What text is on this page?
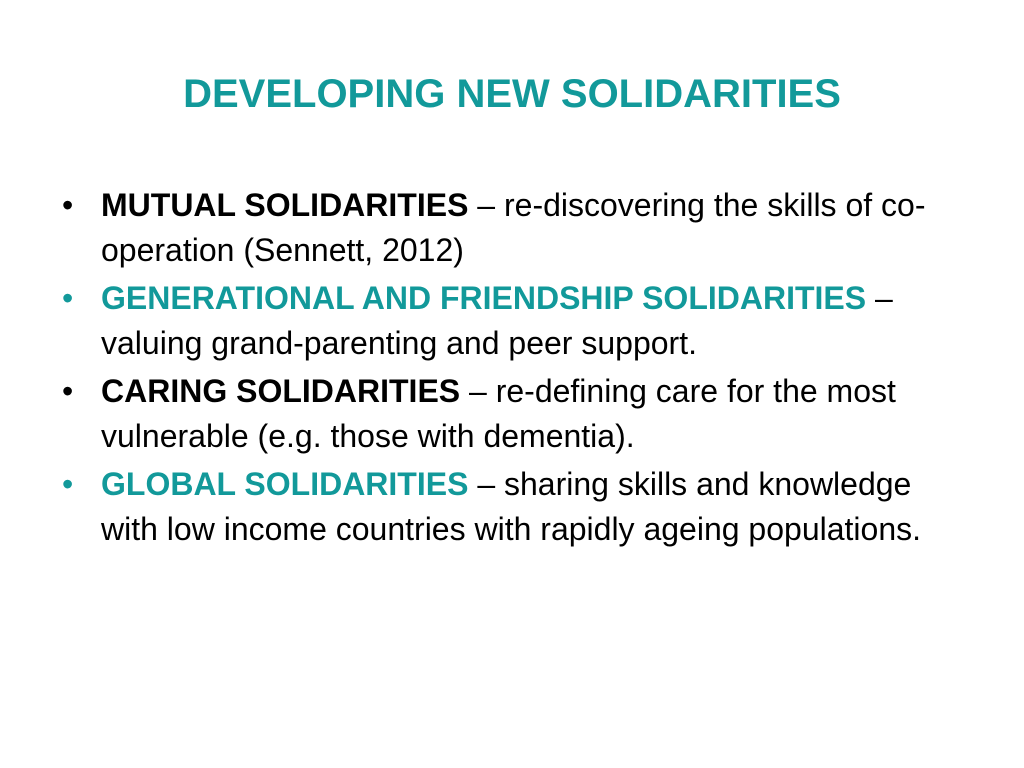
DEVELOPING NEW SOLIDARITIES
• MUTUAL SOLIDARITIES – re-discovering the skills of co-operation (Sennett, 2012)
• GENERATIONAL AND FRIENDSHIP SOLIDARITIES – valuing grand-parenting and peer support.
• CARING SOLIDARITIES – re-defining care for the most vulnerable (e.g. those with dementia).
• GLOBAL SOLIDARITIES – sharing skills and knowledge with low income countries with rapidly ageing populations.
